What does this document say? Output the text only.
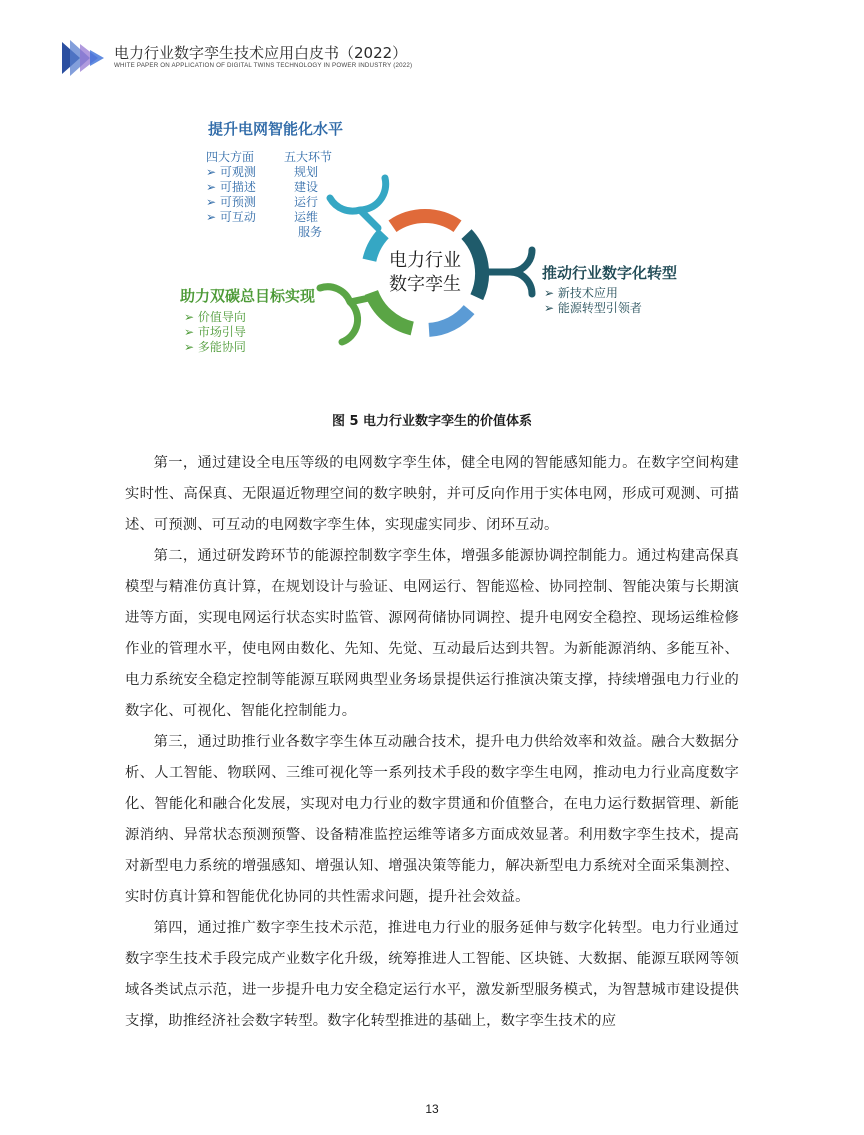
电力行业数字孪生技术应用白皮书（2022）
WHITE PAPER ON APPLICATION OF DIGITAL TWINS TECHNOLOGY IN POWER INDUSTRY (2022)
电力行业
数字孪生
提升电网智能化水平
四大方面
➢ 可观测
➢ 可描述
➢ 可预测
➢ 可互动
五大环节
规划
建设
运行
运维
服务
推动行业数字化转型
➢ 新技术应用
➢ 能源转型引领者
助力双碳总目标实现
➢ 价值导向
➢ 市场引导
➢ 多能协同
图 5 电力行业数字孪生的价值体系

第一，通过建设全电压等级的电网数字孪生体，健全电网的智能感知能力。在数字空间构建实时性、高保真、无限逼近物理空间的数字映射，并可反向作用于实体电网，形成可观测、可描述、可预测、可互动的电网数字孪生体，实现虚实同步、闭环互动。

第二，通过研发跨环节的能源控制数字孪生体，增强多能源协调控制能力。通过构建高保真模型与精准仿真计算，在规划设计与验证、电网运行、智能巡检、协同控制、智能决策与长期演进等方面，实现电网运行状态实时监管、源网荷储协同调控、提升电网安全稳控、现场运维检修作业的管理水平，使电网由数化、先知、先觉、互动最后达到共智。为新能源消纳、多能互补、电力系统安全稳定控制等能源互联网典型业务场景提供运行推演决策支撑，持续增强电力行业的数字化、可视化、智能化控制能力。

第三，通过助推行业各数字孪生体互动融合技术，提升电力供给效率和效益。融合大数据分析、人工智能、物联网、三维可视化等一系列技术手段的数字孪生电网，推动电力行业高度数字化、智能化和融合化发展，实现对电力行业的数字贯通和价值整合，在电力运行数据管理、新能源消纳、异常状态预测预警、设备精准监控运维等诸多方面成效显著。利用数字孪生技术，提高对新型电力系统的增强感知、增强认知、增强决策等能力，解决新型电力系统对全面采集测控、实时仿真计算和智能优化协同的共性需求问题，提升社会效益。

第四，通过推广数字孪生技术示范，推进电力行业的服务延伸与数字化转型。电力行业通过数字孪生技术手段完成产业数字化升级，统筹推进人工智能、区块链、大数据、能源互联网等领域各类试点示范，进一步提升电力安全稳定运行水平，激发新型服务模式，为智慧城市建设提供支撑，助推经济社会数字转型。数字化转型推进的基础上，数字孪生技术的应

13
